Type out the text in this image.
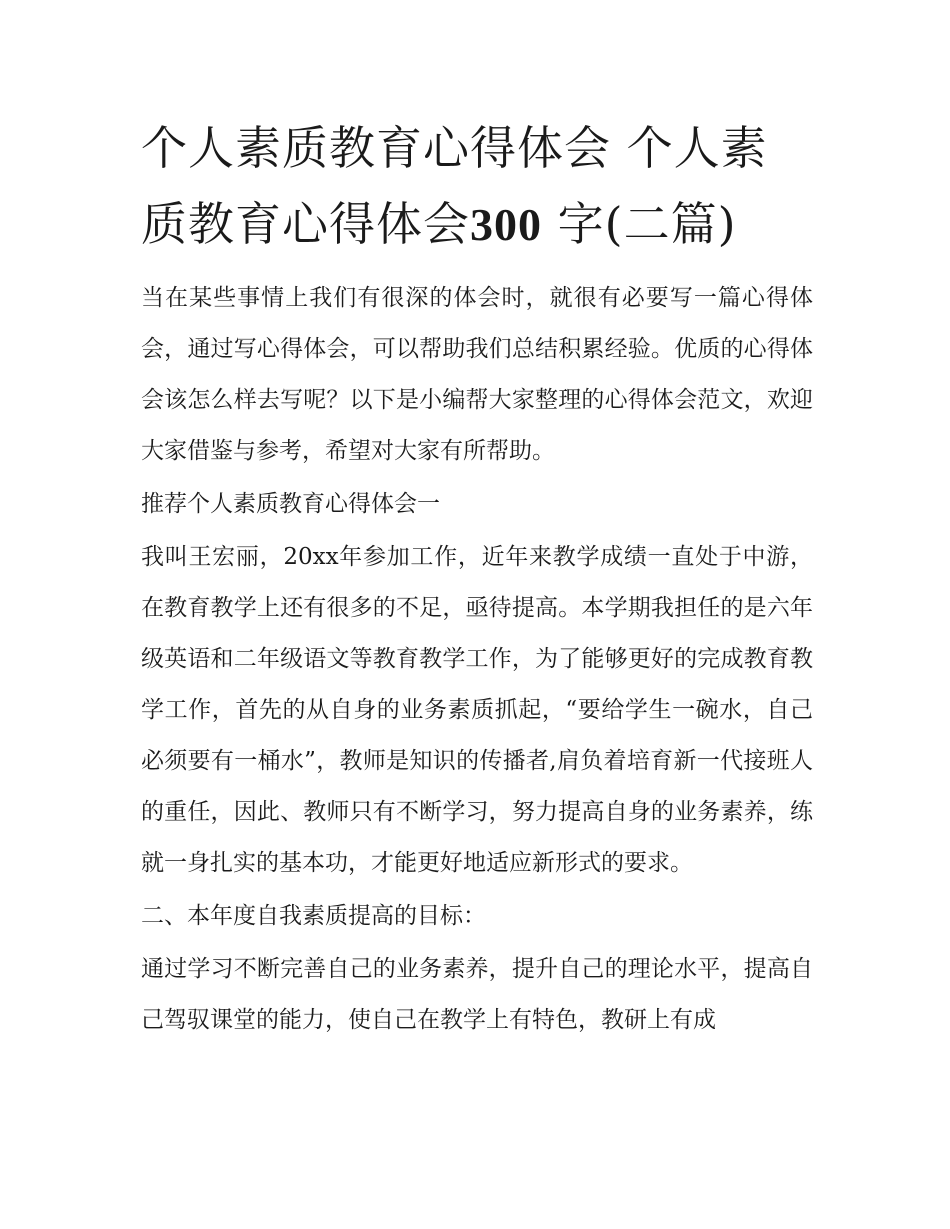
个人素质教育心得体会 个人素质教育心得体会300 字(二篇)

当在某些事情上我们有很深的体会时，就很有必要写一篇心得体会，通过写心得体会，可以帮助我们总结积累经验。优质的心得体会该怎么样去写呢？以下是小编帮大家整理的心得体会范文，欢迎大家借鉴与参考，希望对大家有所帮助。

推荐个人素质教育心得体会一

我叫王宏丽，20xx年参加工作，近年来教学成绩一直处于中游，在教育教学上还有很多的不足，亟待提高。本学期我担任的是六年级英语和二年级语文等教育教学工作，为了能够更好的完成教育教学工作，首先的从自身的业务素质抓起，“要给学生一碗水，自己必须要有一桶水”，教师是知识的传播者,肩负着培育新一代接班人的重任，因此、教师只有不断学习，努力提高自身的业务素养，练就一身扎实的基本功，才能更好地适应新形式的要求。

二、本年度自我素质提高的目标：

通过学习不断完善自己的业务素养，提升自己的理论水平，提高自己驾驭课堂的能力，使自己在教学上有特色，教研上有成
